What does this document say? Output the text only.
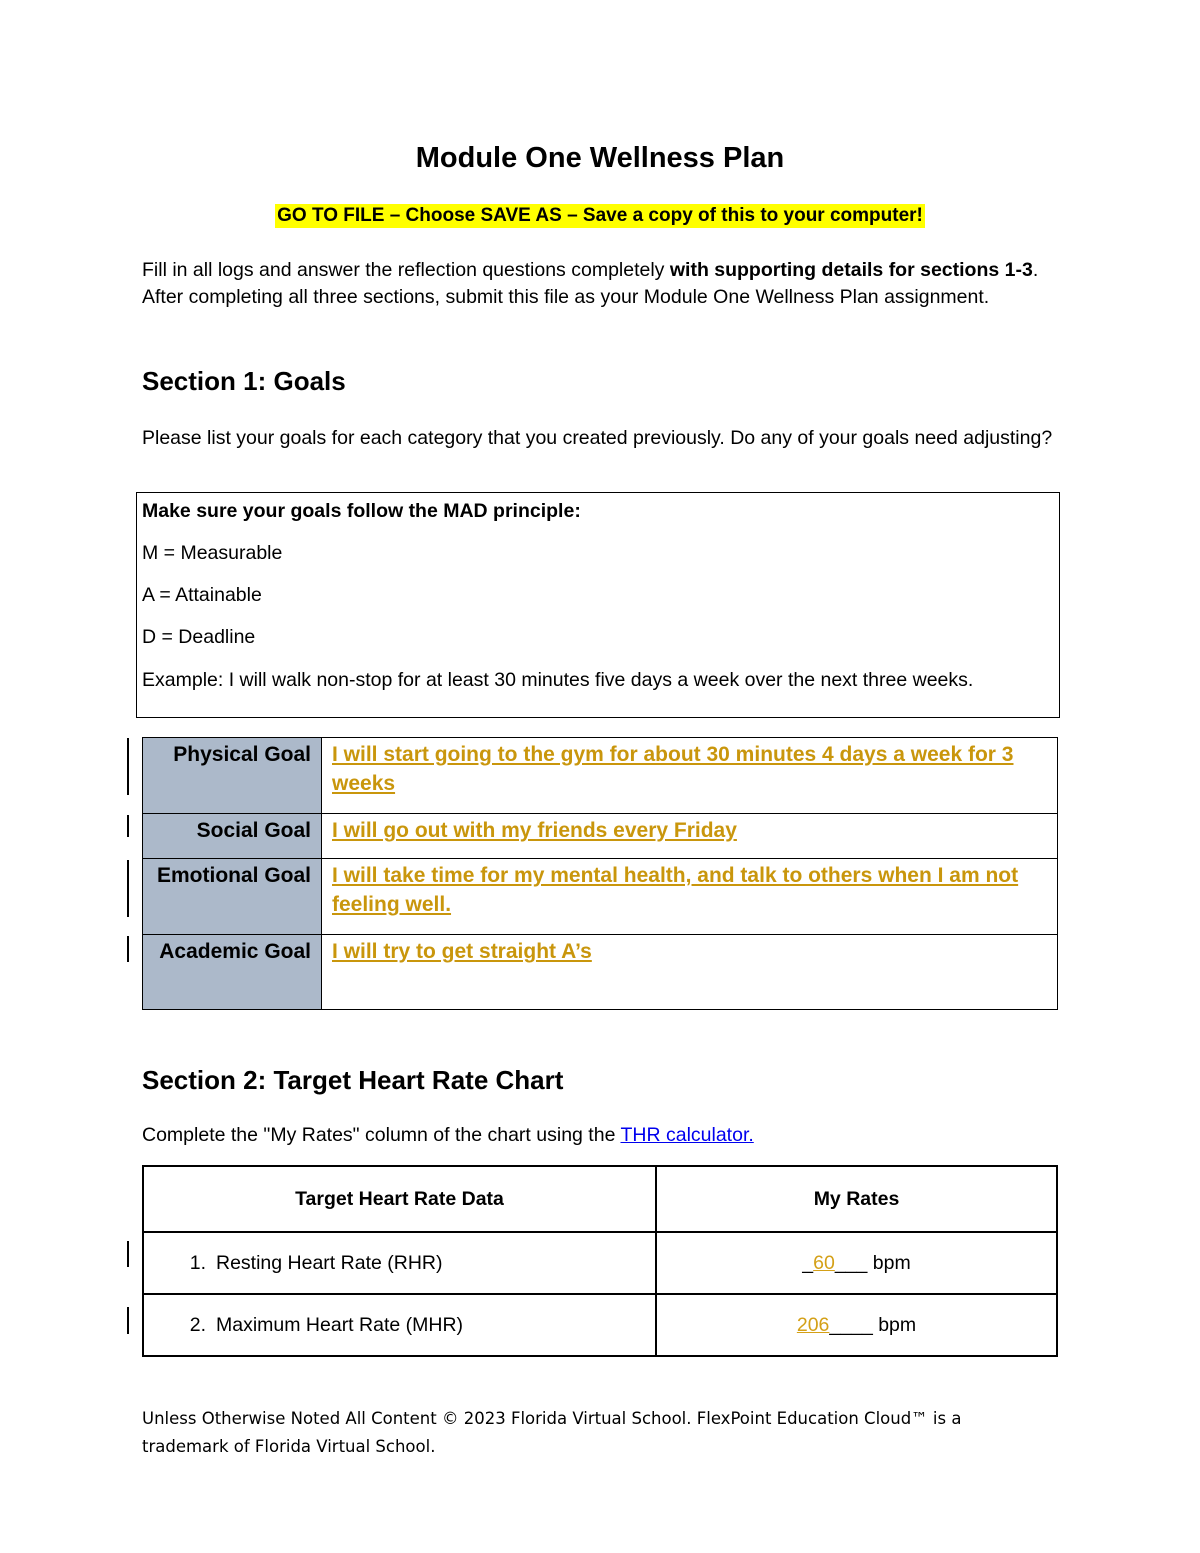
Module One Wellness Plan
GO TO FILE – Choose SAVE AS – Save a copy of this to your computer!
Fill in all logs and answer the reflection questions completely with supporting details for sections 1-3. After completing all three sections, submit this file as your Module One Wellness Plan assignment.
Section 1: Goals
Please list your goals for each category that you created previously. Do any of your goals need adjusting?
Make sure your goals follow the MAD principle:
M = Measurable
A = Attainable
D = Deadline
Example: I will walk non-stop for at least 30 minutes five days a week over the next three weeks.
Physical Goal	I will start going to the gym for about 30 minutes 4 days a week for 3 weeks
Social Goal	I will go out with my friends every Friday
Emotional Goal	I will take time for my mental health, and talk to others when I am not feeling well.
Academic Goal	I will try to get straight A’s
Section 2: Target Heart Rate Chart
Complete the "My Rates" column of the chart using the THR calculator.
Target Heart Rate Data	My Rates
1. Resting Heart Rate (RHR)	_60___ bpm
2. Maximum Heart Rate (MHR)	206____ bpm
Unless Otherwise Noted All Content © 2023 Florida Virtual School. FlexPoint Education Cloud™ is a trademark of Florida Virtual School.
